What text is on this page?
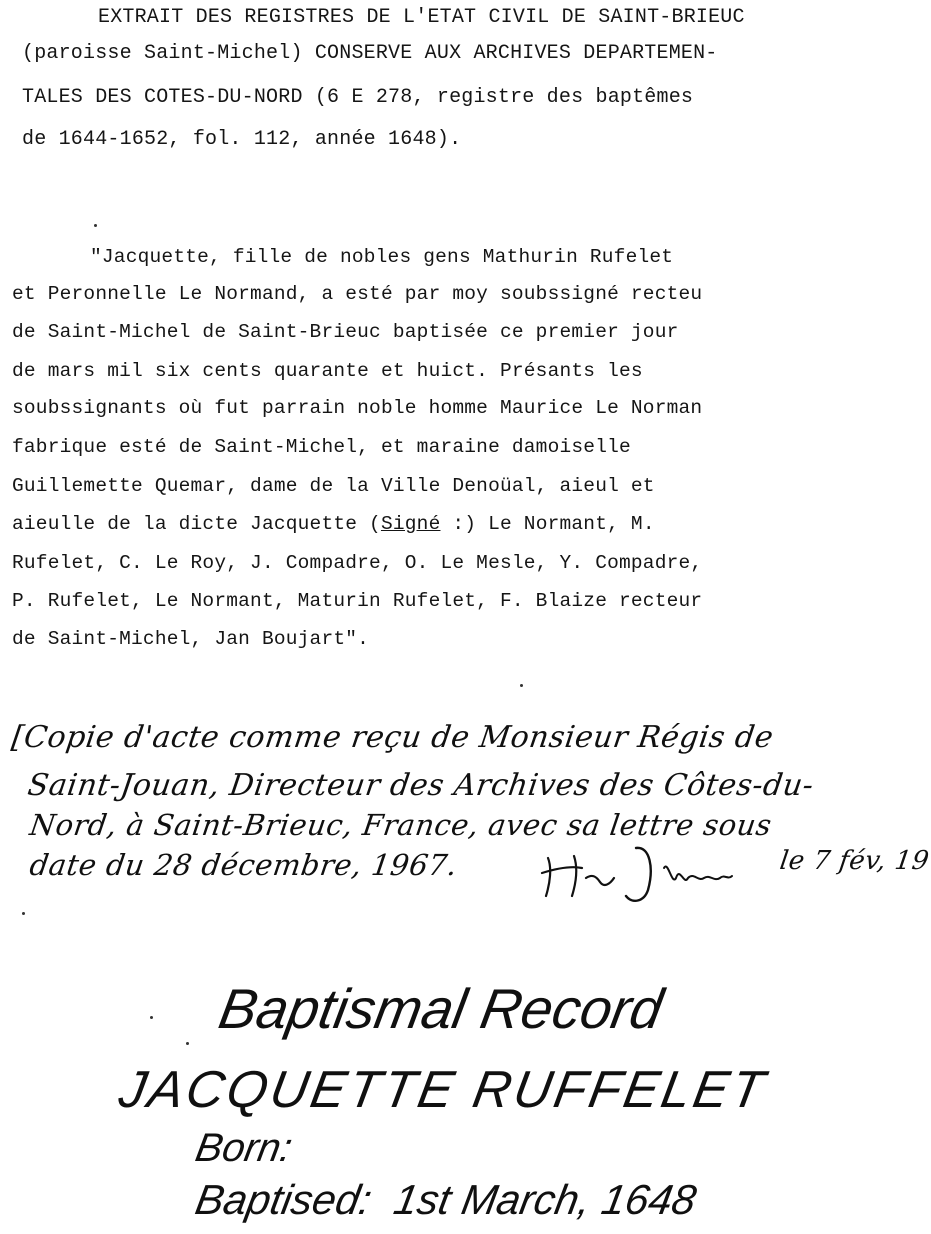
EXTRAIT DES REGISTRES DE L'ETAT CIVIL DE SAINT-BRIEUC
(paroisse Saint-Michel) CONSERVE AUX ARCHIVES DEPARTEMEN-
TALES DES COTES-DU-NORD (6 E 278, registre des baptêmes
de 1644-1652, fol. 112, année 1648).
"Jacquette, fille de nobles gens Mathurin Rufelet
et Peronnelle Le Normand, a esté par moy soubssigné recteu
de Saint-Michel de Saint-Brieuc baptisée ce premier jour
de mars mil six cents quarante et huict. Présants les
soubssignants où fut parrain noble homme Maurice Le Norman
fabrique esté de Saint-Michel, et maraine damoiselle
Guillemette Quemar, dame de la Ville Denoüal, aieul et
aieulle de la dicte Jacquette (Signé :) Le Normant, M.
Rufelet, C. Le Roy, J. Compadre, O. Le Mesle, Y. Compadre,
P. Rufelet, Le Normant, Maturin Rufelet, F. Blaize recteur
de Saint-Michel, Jan Boujart".
[Copie d'acte comme reçu de Monsieur Régis de
Saint-Jouan, Directeur des Archives des Côtes-du-
Nord, à Saint-Brieuc, France, avec sa lettre sous
date du 28 décembre, 1967.	le 7 fév, 19
Baptismal Record
JACQUETTE RUFFELET
Born:
Baptised: 1st March, 1648
